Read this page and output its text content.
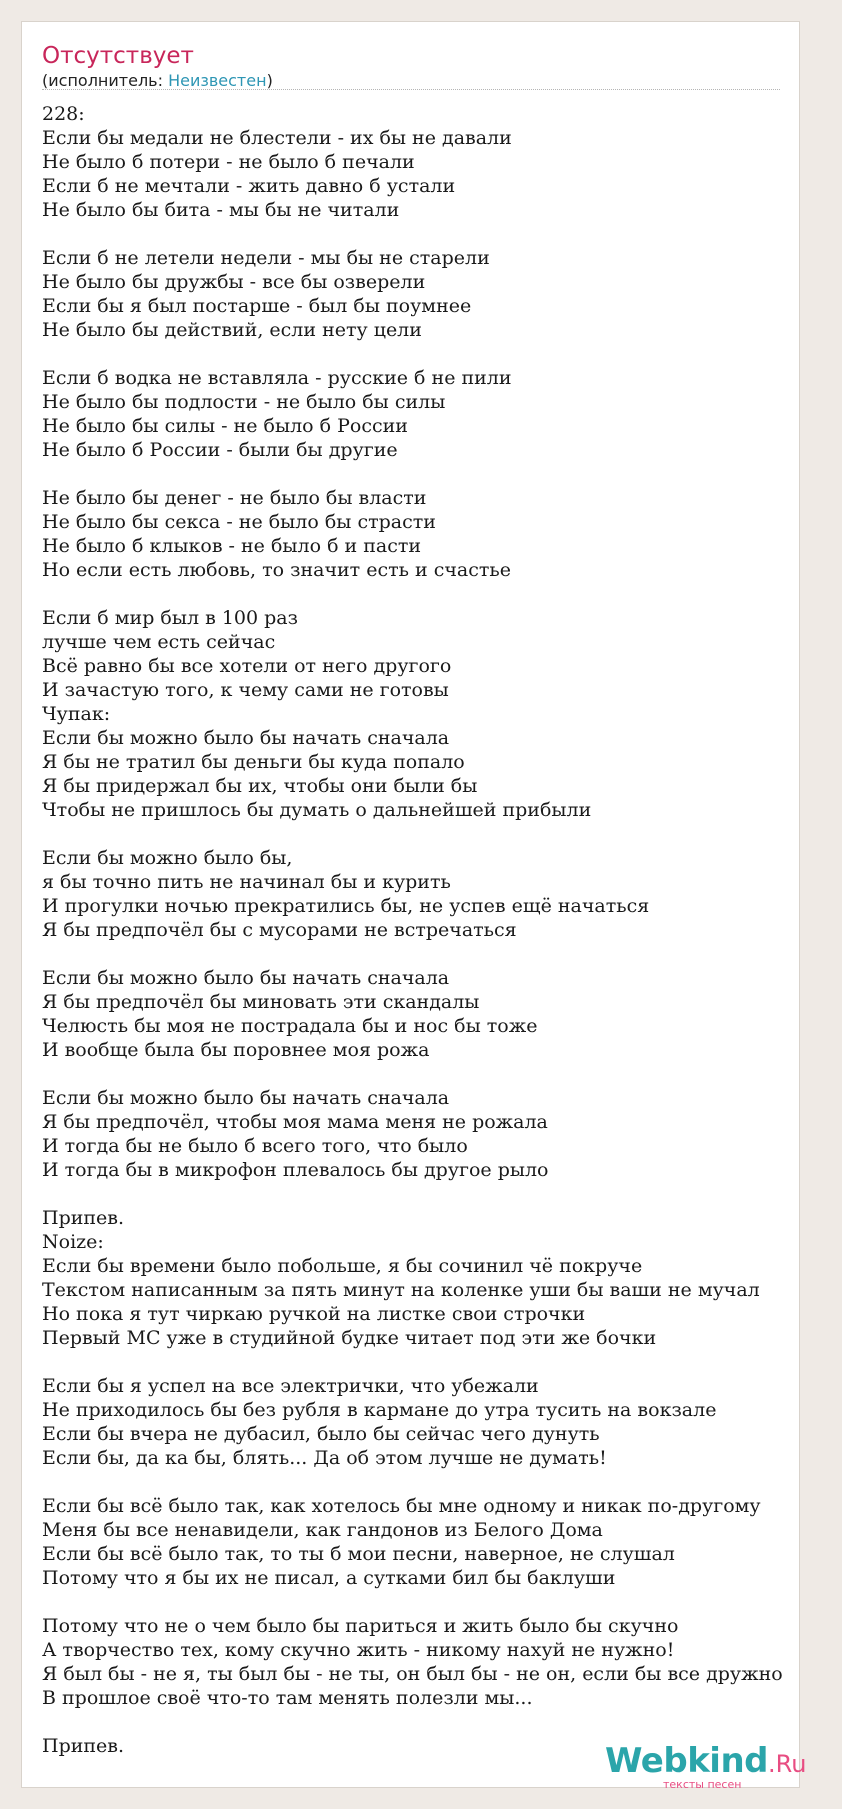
Отсутствует
(исполнитель: Неизвестен)
228:
Если бы медали не блестели - их бы не давали
Не было б потери - не было б печали
Если б не мечтали - жить давно б устали
Не было бы бита - мы бы не читали
Если б не летели недели - мы бы не старели
Не было бы дружбы - все бы озверели
Если бы я был постарше - был бы поумнее
Не было бы действий, если нету цели
Если б водка не вставляла - русские б не пили
Не было бы подлости - не было бы силы
Не было бы силы - не было б России
Не было б России - были бы другие
Не было бы денег - не было бы власти
Не было бы секса - не было бы страсти
Не было б клыков - не было б и пасти
Но если есть любовь, то значит есть и счастье
Если б мир был в 100 раз
лучше чем есть сейчас
Всё равно бы все хотели от него другого
И зачастую того, к чему сами не готовы
Чупак:
Если бы можно было бы начать сначала
Я бы не тратил бы деньги бы куда попало
Я бы придержал бы их, чтобы они были бы
Чтобы не пришлось бы думать о дальнейшей прибыли
Если бы можно было бы,
я бы точно пить не начинал бы и курить
И прогулки ночью прекратились бы, не успев ещё начаться
Я бы предпочёл бы с мусорами не встречаться
Если бы можно было бы начать сначала
Я бы предпочёл бы миновать эти скандалы
Челюсть бы моя не пострадала бы и нос бы тоже
И вообще была бы поровнее моя рожа
Если бы можно было бы начать сначала
Я бы предпочёл, чтобы моя мама меня не рожала
И тогда бы не было б всего того, что было
И тогда бы в микрофон плевалось бы другое рыло
Припев.
Noize:
Если бы времени было побольше, я бы сочинил чё покруче
Текстом написанным за пять минут на коленке уши бы ваши не мучал
Но пока я тут чиркаю ручкой на листке свои строчки
Первый МС уже в студийной будке читает под эти же бочки
Если бы я успел на все электрички, что убежали
Не приходилось бы без рубля в кармане до утра тусить на вокзале
Если бы вчера не дубасил, было бы сейчас чего дунуть
Если бы, да ка бы, блять... Да об этом лучше не думать!
Если бы всё было так, как хотелось бы мне одному и никак по-другому
Меня бы все ненавидели, как гандонов из Белого Дома
Если бы всё было так, то ты б мои песни, наверное, не слушал
Потому что я бы их не писал, а сутками бил бы баклуши
Потому что не о чем было бы париться и жить было бы скучно
А творчество тех, кому скучно жить - никому нахуй не нужно!
Я был бы - не я, ты был бы - не ты, он был бы - не он, если бы все дружно
В прошлое своё что-то там менять полезли мы...
Припев.	Webkind.Ru
тексты песен
